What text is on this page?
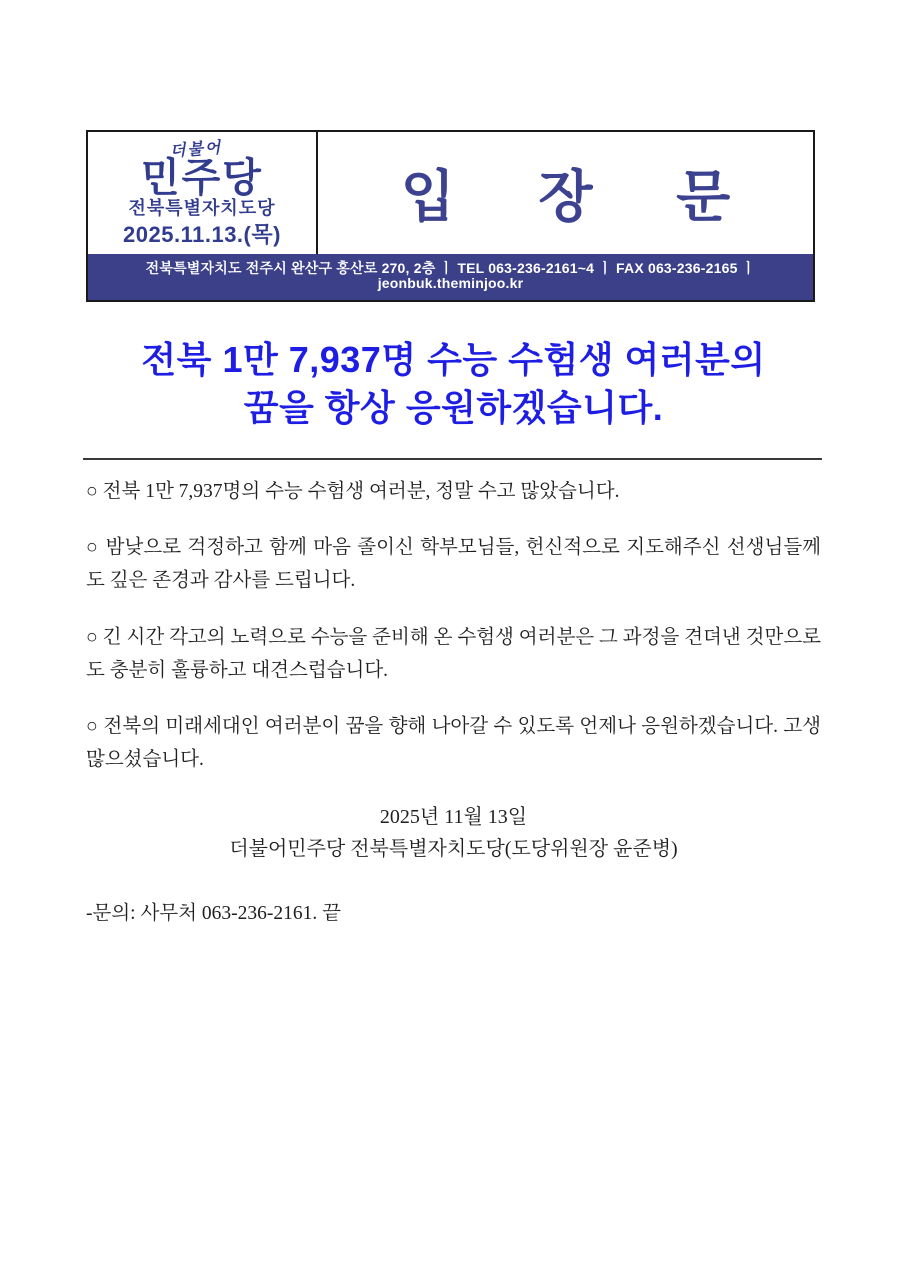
더불어
민주당
전북특별자치도당
2025.11.13.(목)
입 장 문
전북특별자치도 전주시 완산구 홍산로 270, 2층 ㅣ TEL 063-236-2161~4 ㅣ FAX 063-236-2165 ㅣ jeonbuk.theminjoo.kr
전북 1만 7,937명 수능 수험생 여러분의
꿈을 항상 응원하겠습니다.

○ 전북 1만 7,937명의 수능 수험생 여러분, 정말 수고 많았습니다.

○ 밤낮으로 걱정하고 함께 마음 졸이신 학부모님들, 헌신적으로 지도해주신 선생님들께도 깊은 존경과 감사를 드립니다.

○ 긴 시간 각고의 노력으로 수능을 준비해 온 수험생 여러분은 그 과정을 견뎌낸 것만으로도 충분히 훌륭하고 대견스럽습니다.

○ 전북의 미래세대인 여러분이 꿈을 향해 나아갈 수 있도록 언제나 응원하겠습니다. 고생 많으셨습니다.

2025년 11월 13일
더불어민주당 전북특별자치도당(도당위원장 윤준병)
-문의: 사무처 063-236-2161. 끝
